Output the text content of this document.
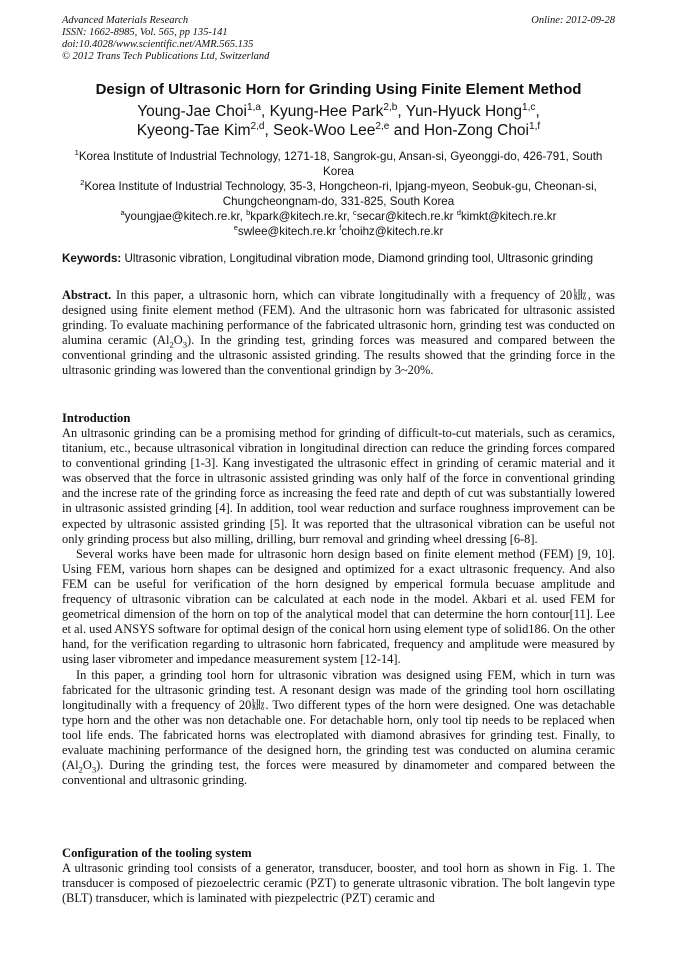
Advanced Materials Research
ISSN: 1662-8985, Vol. 565, pp 135-141
doi:10.4028/www.scientific.net/AMR.565.135
© 2012 Trans Tech Publications Ltd, Switzerland
Online: 2012-09-28
Design of Ultrasonic Horn for Grinding Using Finite Element Method
Young-Jae Choi$^{1,a}$, Kyung-Hee Park$^{2,b}$, Yun-Hyuck Hong$^{1,c}$,
Kyeong-Tae Kim$^{2,d}$, Seok-Woo Lee$^{2,e}$ and Hon-Zong Choi$^{1,f}$
$^1$Korea Institute of Industrial Technology, 1271-18, Sangrok-gu, Ansan-si, Gyeonggi-do, 426-791, South Korea
$^2$Korea Institute of Industrial Technology, 35-3, Hongcheon-ri, Ipjang-myeon, Seobuk-gu, Cheonan-si, Chungcheongnam-do, 331-825, South Korea
$^a$youngjae@kitech.re.kr, $^b$kpark@kitech.re.kr, $^c$secar@kitech.re.kr $^d$kimkt@kitech.re.kr
$^e$swlee@kitech.re.kr $^f$choihz@kitech.re.kr
Keywords: Ultrasonic vibration, Longitudinal vibration mode, Diamond grinding tool, Ultrasonic grinding

Abstract. In this paper, a ultrasonic horn, which can vibrate longitudinally with a frequency of 20㎑, was designed using finite element method (FEM). And the ultrasonic horn was fabricated for ultrasonic assisted grinding. To evaluate machining performance of the fabricated ultrasonic horn, grinding test was conducted on alumina ceramic $(Al_2O_3)$. In the grinding test, grinding forces was measured and compared between the conventional grinding and the ultrasonic assisted grinding. The results showed that the grinding force in the ultrasonic grinding was lowered than the conventional grindign by 3~20%.

Introduction

An ultrasonic grinding can be a promising method for grinding of difficult-to-cut materials, such as ceramics, titanium, etc., because ultrasonical vibration in longitudinal direction can reduce the grinding forces compared to conventional grinding [1-3]. Kang investigated the ultrasonic effect in grinding of ceramic material and it was observed that the force in ultrasonic assisted grinding was only half of the force in conventional grinding and the increse rate of the grinding force as increasing the feed rate and depth of cut was substantially lowered in ultrasonic assisted grinding [4]. In addition, tool wear reduction and surface roughness improvement can be expected by ultrasonic assisted grinding [5]. It was reported that the ultrasonical vibration can be useful not only grinding process but also milling, drilling, burr removal and grinding wheel dressing [6-8].

Several works have been made for ultrasonic horn design based on finite element method (FEM) [9, 10]. Using FEM, various horn shapes can be designed and optimized for a exact ultrasonic frequency. And also FEM can be useful for verification of the horn designed by emperical formula becuase amplitude and frequency of ultrasonic vibration can be calculated at each node in the model. Akbari et al. used FEM for geometrical dimension of the horn on top of the analytical model that can determine the horn contour[11]. Lee et al. used ANSYS software for optimal design of the conical horn using element type of solid186. On the other hand, for the verification regarding to ultrasonic horn fabricated, frequency and amplitude were measured by using laser vibrometer and impedance measurement system [12-14].

In this paper, a grinding tool horn for ultrasonic vibration was designed using FEM, which in turn was fabricated for the ultrasonic grinding test. A resonant design was made of the grinding tool horn oscillating longitudinally with a frequency of 20㎑. Two different types of the horn were designed. One was detachable type horn and the other was non detachable one. For detachable horn, only tool tip needs to be replaced when tool life ends. The fabricated horns was electroplated with diamond abrasives for grinding test. Finally, to evaluate machining performance of the designed horn, the grinding test was conducted on alumina ceramic $(Al_2O_3)$. During the grinding test, the forces were measured by dinamometer and compared between the conventional and ultrasonic grinding.

Configuration of the tooling system

A ultrasonic grinding tool consists of a generator, transducer, booster, and tool horn as shown in Fig. 1. The transducer is composed of piezoelectric ceramic (PZT) to generate ultrasonic vibration. The bolt langevin type (BLT) transducer, which is laminated with piezpelectric (PZT) ceramic and
